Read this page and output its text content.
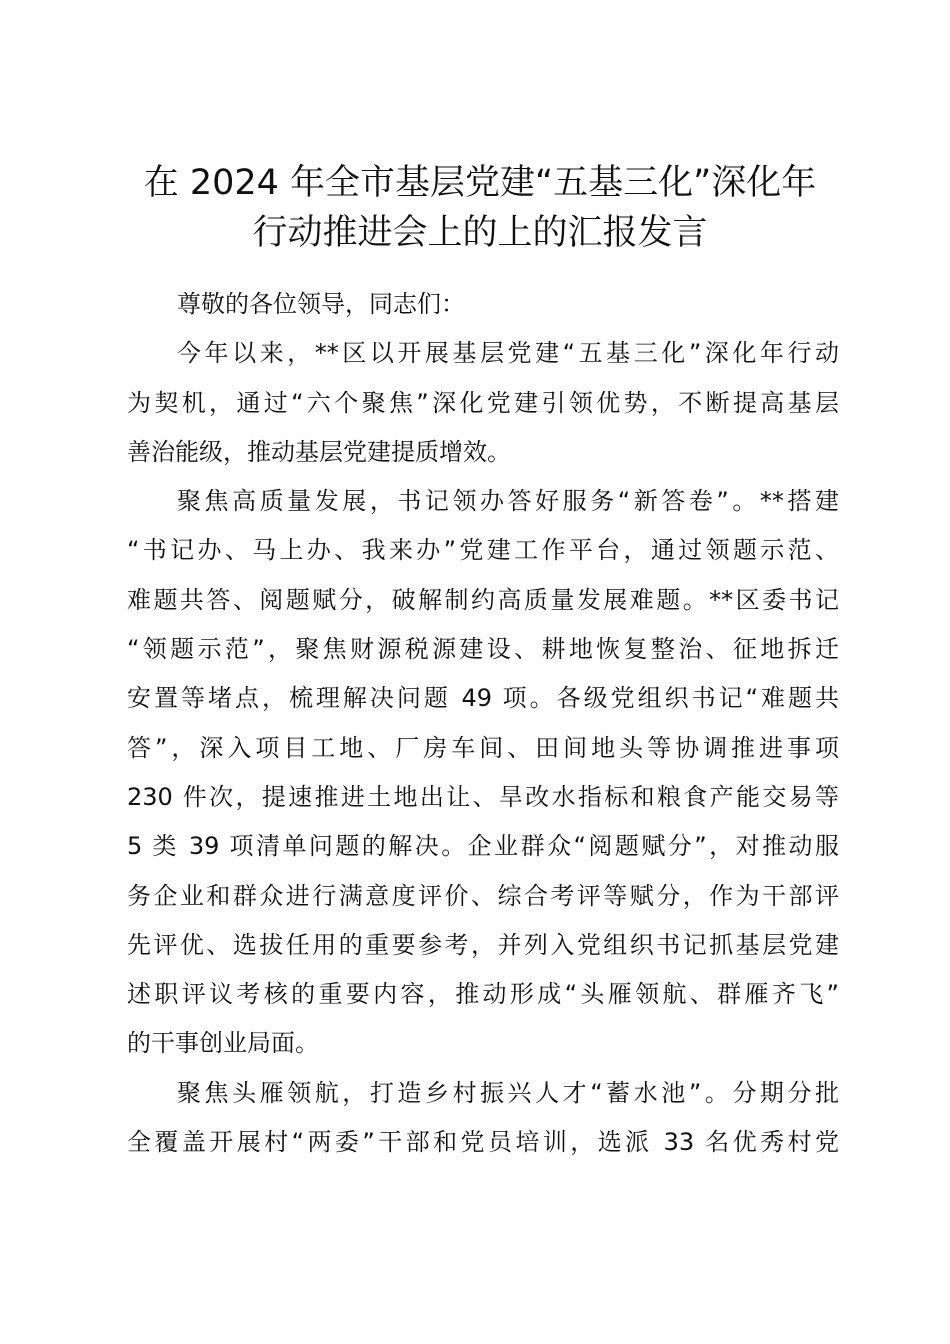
在 2024 年全市基层党建“五基三化”深化年
行动推进会上的上的汇报发言
尊敬的各位领导，同志们：
今年以来，**区以开展基层党建“五基三化”深化年行动
为契机，通过“六个聚焦”深化党建引领优势，不断提高基层
善治能级，推动基层党建提质增效。
聚焦高质量发展，书记领办答好服务“新答卷”。**搭建
“书记办、马上办、我来办”党建工作平台，通过领题示范、
难题共答、阅题赋分，破解制约高质量发展难题。**区委书记
“领题示范”，聚焦财源税源建设、耕地恢复整治、征地拆迁
安置等堵点，梳理解决问题 49 项。各级党组织书记“难题共
答”，深入项目工地、厂房车间、田间地头等协调推进事项
230 件次，提速推进土地出让、旱改水指标和粮食产能交易等
5 类 39 项清单问题的解决。企业群众“阅题赋分”，对推动服
务企业和群众进行满意度评价、综合考评等赋分，作为干部评
先评优、选拔任用的重要参考，并列入党组织书记抓基层党建
述职评议考核的重要内容，推动形成“头雁领航、群雁齐飞”
的干事创业局面。
聚焦头雁领航，打造乡村振兴人才“蓄水池”。分期分批
全覆盖开展村“两委”干部和党员培训，选派 33 名优秀村党
